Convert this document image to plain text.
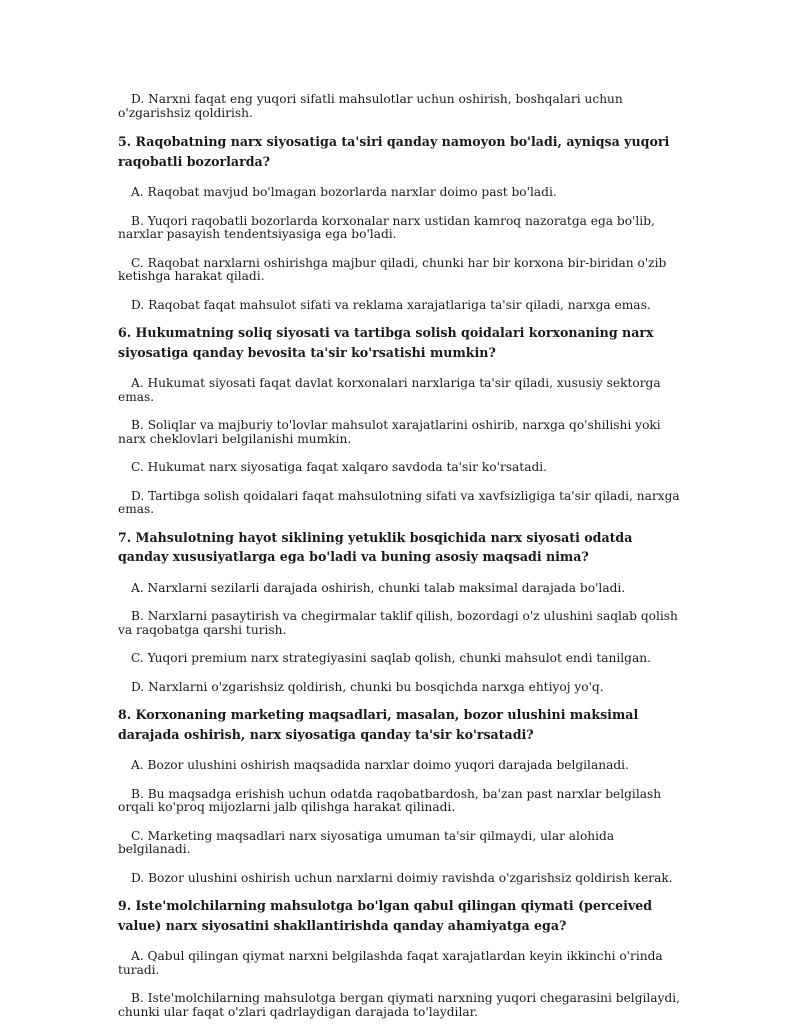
D. Narxni faqat eng yuqori sifatli mahsulotlar uchun oshirish, boshqalari uchun o'zgarishsiz qoldirish.

5. Raqobatning narx siyosatiga ta'siri qanday namoyon bo'ladi, ayniqsa yuqori raqobatli bozorlarda?

A. Raqobat mavjud bo'lmagan bozorlarda narxlar doimo past bo'ladi.

B. Yuqori raqobatli bozorlarda korxonalar narx ustidan kamroq nazoratga ega bo'lib, narxlar pasayish tendentsiyasiga ega bo'ladi.

C. Raqobat narxlarni oshirishga majbur qiladi, chunki har bir korxona bir-biridan o'zib ketishga harakat qiladi.

D. Raqobat faqat mahsulot sifati va reklama xarajatlariga ta'sir qiladi, narxga emas.

6. Hukumatning soliq siyosati va tartibga solish qoidalari korxonaning narx siyosatiga qanday bevosita ta'sir ko'rsatishi mumkin?

A. Hukumat siyosati faqat davlat korxonalari narxlariga ta'sir qiladi, xususiy sektorga emas.

B. Soliqlar va majburiy to'lovlar mahsulot xarajatlarini oshirib, narxga qo'shilishi yoki narx cheklovlari belgilanishi mumkin.

C. Hukumat narx siyosatiga faqat xalqaro savdoda ta'sir ko'rsatadi.

D. Tartibga solish qoidalari faqat mahsulotning sifati va xavfsizligiga ta'sir qiladi, narxga emas.

7. Mahsulotning hayot siklining yetuklik bosqichida narx siyosati odatda qanday xususiyatlarga ega bo'ladi va buning asosiy maqsadi nima?

A. Narxlarni sezilarli darajada oshirish, chunki talab maksimal darajada bo'ladi.

B. Narxlarni pasaytirish va chegirmalar taklif qilish, bozordagi o'z ulushini saqlab qolish va raqobatga qarshi turish.

C. Yuqori premium narx strategiyasini saqlab qolish, chunki mahsulot endi tanilgan.

D. Narxlarni o'zgarishsiz qoldirish, chunki bu bosqichda narxga ehtiyoj yo'q.

8. Korxonaning marketing maqsadlari, masalan, bozor ulushini maksimal darajada oshirish, narx siyosatiga qanday ta'sir ko'rsatadi?

A. Bozor ulushini oshirish maqsadida narxlar doimo yuqori darajada belgilanadi.

B. Bu maqsadga erishish uchun odatda raqobatbardosh, ba'zan past narxlar belgilash orqali ko'proq mijozlarni jalb qilishga harakat qilinadi.

C. Marketing maqsadlari narx siyosatiga umuman ta'sir qilmaydi, ular alohida belgilanadi.

D. Bozor ulushini oshirish uchun narxlarni doimiy ravishda o'zgarishsiz qoldirish kerak.

9. Iste'molchilarning mahsulotga bo'lgan qabul qilingan qiymati (perceived value) narx siyosatini shakllantirishda qanday ahamiyatga ega?

A. Qabul qilingan qiymat narxni belgilashda faqat xarajatlardan keyin ikkinchi o'rinda turadi.

B. Iste'molchilarning mahsulotga bergan qiymati narxning yuqori chegarasini belgilaydi, chunki ular faqat o'zlari qadrlaydigan darajada to'laydilar.
